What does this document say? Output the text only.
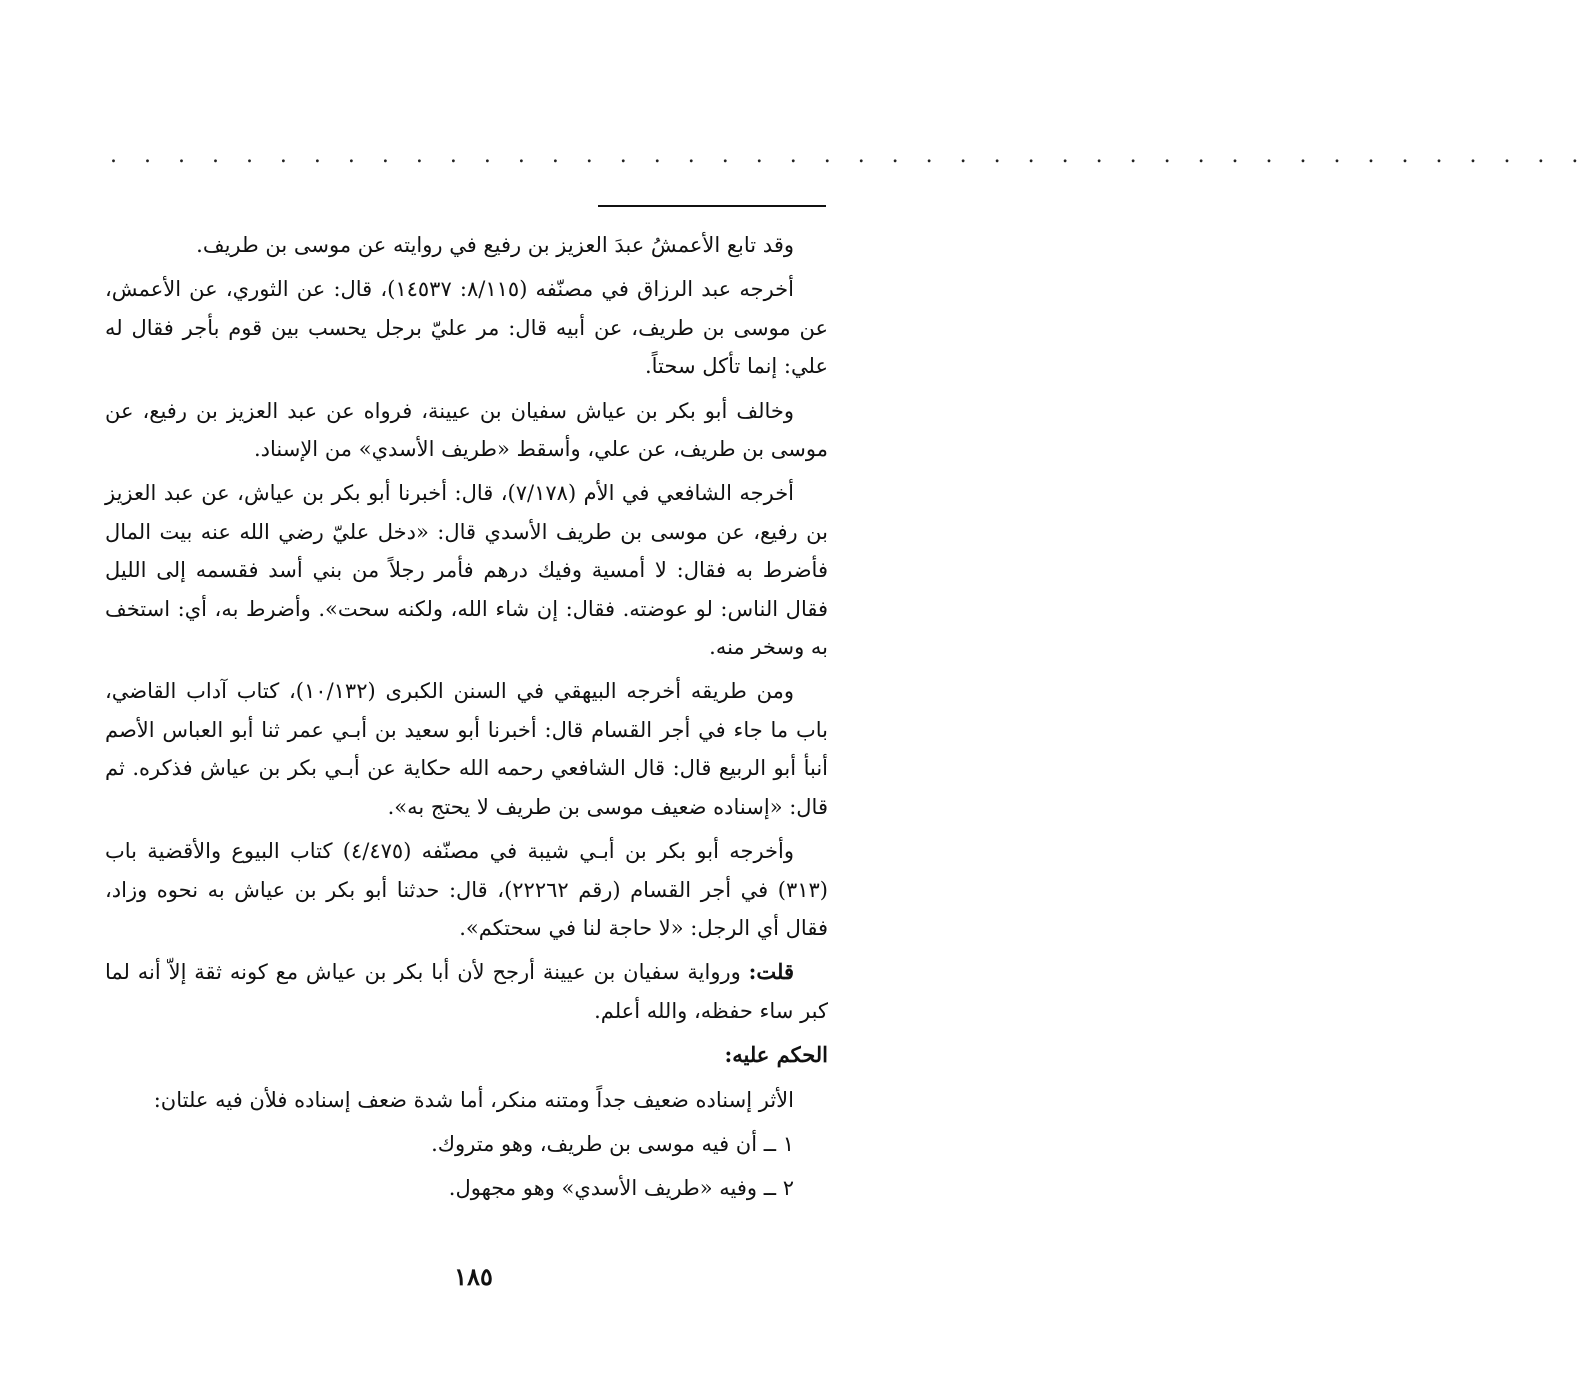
. . . . . . . . . . . . . . . . . . . . . . . . . . . . . . . . . . . . . . . . . . . .

وقد تابع الأعمشُ عبدَ العزيز بن رفيع في روايته عن موسى بن طريف.

أخرجه عبد الرزاق في مصنّفه (٨/١١٥: ١٤٥٣٧)، قال: عن الثوري، عن الأعمش، عن موسى بن طريف، عن أبيه قال: مر عليّ برجل يحسب بين قوم بأجر فقال له علي: إنما تأكل سحتاً.

وخالف أبو بكر بن عياش سفيان بن عيينة، فرواه عن عبد العزيز بن رفيع، عن موسى بن طريف، عن علي، وأسقط «طريف الأسدي» من الإسناد.

أخرجه الشافعي في الأم (٧/١٧٨)، قال: أخبرنا أبو بكر بن عياش، عن عبد العزيز بن رفيع، عن موسى بن طريف الأسدي قال: «دخل عليّ رضي الله عنه بيت المال فأضرط به فقال: لا أمسية وفيك درهم فأمر رجلاً من بني أسد فقسمه إلى الليل فقال الناس: لو عوضته. فقال: إن شاء الله، ولكنه سحت». وأضرط به، أي: استخف به وسخر منه.

ومن طريقه أخرجه البيهقي في السنن الكبرى (١٠/١٣٢)، كتاب آداب القاضي، باب ما جاء في أجر القسام قال: أخبرنا أبو سعيد بن أبـي عمر ثنا أبو العباس الأصم أنبأ أبو الربيع قال: قال الشافعي رحمه الله حكاية عن أبـي بكر بن عياش فذكره. ثم قال: «إسناده ضعيف موسى بن طريف لا يحتج به».

وأخرجه أبو بكر بن أبـي شيبة في مصنّفه (٤/٤٧٥) كتاب البيوع والأقضية باب (٣١٣) في أجر القسام (رقم ٢٢٢٦٢)، قال: حدثنا أبو بكر بن عياش به نحوه وزاد، فقال أي الرجل: «لا حاجة لنا في سحتكم».

قلت: ورواية سفيان بن عيينة أرجح لأن أبا بكر بن عياش مع كونه ثقة إلاّ أنه لما كبر ساء حفظه، والله أعلم.

الحكم عليه:

الأثر إسناده ضعيف جداً ومتنه منكر، أما شدة ضعف إسناده فلأن فيه علتان:

١ ــ أن فيه موسى بن طريف، وهو متروك.

٢ ــ وفيه «طريف الأسدي» وهو مجهول.

١٨٥
